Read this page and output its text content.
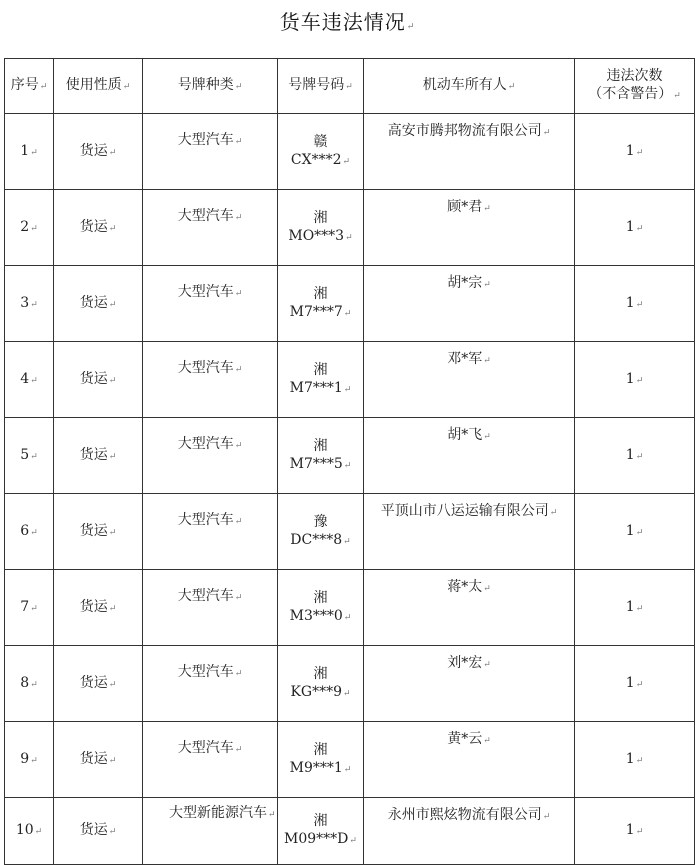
货车违法情况↵
序号↵	使用性质↵	号牌种类↵	号牌号码↵	机动车所有人↵	违法次数
（不含警告）↵
1↵	货运↵	大型汽车↵	赣
CX***2↵	高安市腾邦物流有限公司↵	1↵
2↵	货运↵	大型汽车↵	湘
MO***3↵	顾*君↵	1↵
3↵	货运↵	大型汽车↵	湘
M7***7↵	胡*宗↵	1↵
4↵	货运↵	大型汽车↵	湘
M7***1↵	邓*军↵	1↵
5↵	货运↵	大型汽车↵	湘
M7***5↵	胡*飞↵	1↵
6↵	货运↵	大型汽车↵	豫
DC***8↵	平顶山市八运运输有限公司↵	1↵
7↵	货运↵	大型汽车↵	湘
M3***0↵	蒋*太↵	1↵
8↵	货运↵	大型汽车↵	湘
KG***9↵	刘*宏↵	1↵
9↵	货运↵	大型汽车↵	湘
M9***1↵	黄*云↵	1↵
10↵	货运↵	大型新能源汽车↵	湘
M09***D↵	永州市熙炫物流有限公司↵	1↵
